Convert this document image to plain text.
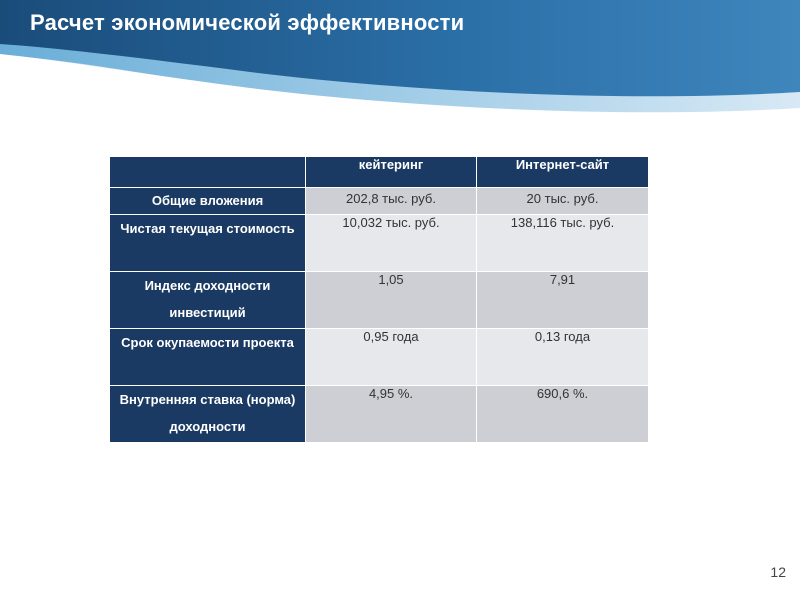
Расчет экономической эффективности
	кейтеринг	Интернет-сайт
Общие вложения	202,8 тыс. руб.	20 тыс. руб.
Чистая текущая стоимость	10,032 тыс. руб.	138,116 тыс. руб.
Индекс доходности инвестиций	1,05	7,91
Срок окупаемости проекта	0,95 года	0,13 года
Внутренняя ставка (норма) доходности	4,95 %.	690,6 %.
12
